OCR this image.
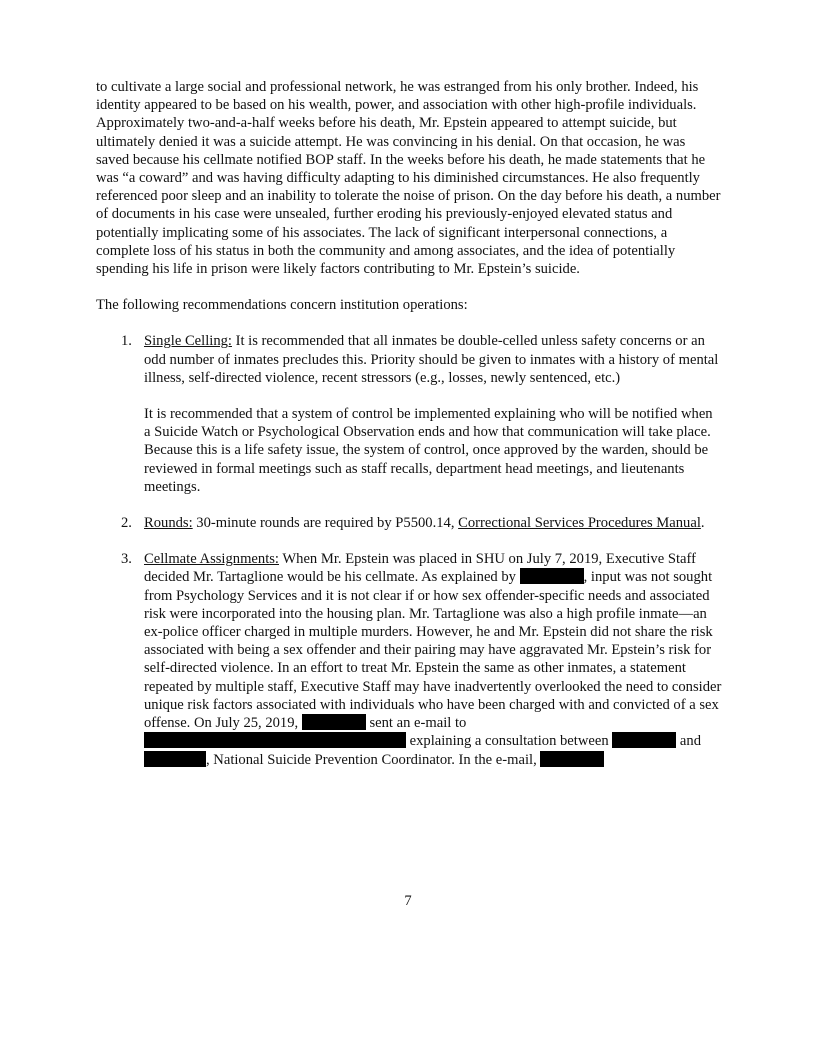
to cultivate a large social and professional network, he was estranged from his only brother. Indeed, his identity appeared to be based on his wealth, power, and association with other high-profile individuals. Approximately two-and-a-half weeks before his death, Mr. Epstein appeared to attempt suicide, but ultimately denied it was a suicide attempt. He was convincing in his denial. On that occasion, he was saved because his cellmate notified BOP staff. In the weeks before his death, he made statements that he was “a coward” and was having difficulty adapting to his diminished circumstances. He also frequently referenced poor sleep and an inability to tolerate the noise of prison. On the day before his death, a number of documents in his case were unsealed, further eroding his previously-enjoyed elevated status and potentially implicating some of his associates. The lack of significant interpersonal connections, a complete loss of his status in both the community and among associates, and the idea of potentially spending his life in prison were likely factors contributing to Mr. Epstein’s suicide.

The following recommendations concern institution operations:

1. Single Celling: It is recommended that all inmates be double-celled unless safety concerns or an odd number of inmates precludes this. Priority should be given to inmates with a history of mental illness, self-directed violence, recent stressors (e.g., losses, newly sentenced, etc.)

It is recommended that a system of control be implemented explaining who will be notified when a Suicide Watch or Psychological Observation ends and how that communication will take place. Because this is a life safety issue, the system of control, once approved by the warden, should be reviewed in formal meetings such as staff recalls, department head meetings, and lieutenants meetings.

2. Rounds: 30-minute rounds are required by P5500.14, Correctional Services Procedures Manual.

3. Cellmate Assignments: When Mr. Epstein was placed in SHU on July 7, 2019, Executive Staff decided Mr. Tartaglione would be his cellmate. As explained by	, input was not sought from Psychology Services and it is not clear if or how sex offender-specific needs and associated risk were incorporated into the housing plan. Mr. Tartaglione was also a high profile inmate—an ex-police officer charged in multiple murders. However, he and Mr. Epstein did not share the risk associated with being a sex offender and their pairing may have aggravated Mr. Epstein’s risk for self-directed violence. In an effort to treat Mr. Epstein the same as other inmates, a statement repeated by multiple staff, Executive Staff may have inadvertently overlooked the need to consider unique risk factors associated with individuals who have been charged with and convicted of a sex offense. On July 25, 2019,	sent an e-mail to  explaining a consultation between	and , National Suicide Prevention Coordinator. In the e-mail,

7
